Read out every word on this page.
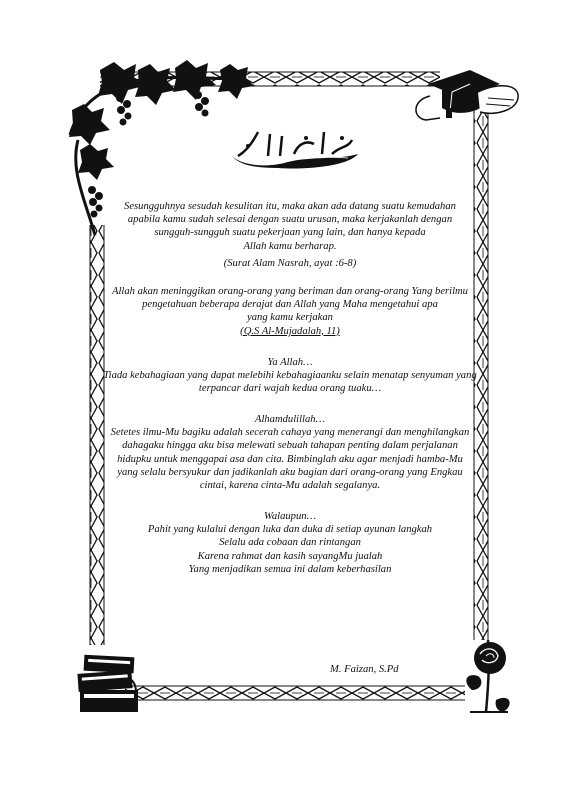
Sesungguhnya sesudah kesulitan itu, maka akan ada datang suatu kemudahan
apabila kamu sudah selesai dengan suatu urusan, maka kerjakanlah dengan
sungguh-sungguh suatu pekerjaan yang lain, dan hanya kepada
Allah kamu berharap.
(Surat Alam Nasrah, ayat :6-8)
Allah akan meninggikan orang-orang yang beriman dan orang-orang Yang berilmu
pengetahuan beberapa derajat dan Allah yang Maha mengetahui apa
yang kamu kerjakan
(Q.S Al-Mujadalah, 11)
Ya Allah…
Tiada kebahagiaan yang dapat melebihi kebahagiaanku selain menatap senyuman yang
terpancar dari wajah kedua orang tuaku…
Alhamdulillah…
Setetes ilmu-Mu bagiku adalah secerah cahaya yang menerangi dan menghilangkan
dahagaku hingga aku bisa melewati sebuah tahapan penting dalam perjalanan
hidupku untuk menggapai asa dan cita. Bimbinglah aku agar menjadi hamba-Mu
yang selalu bersyukur dan jadikanlah aku bagian dari orang-orang yang Engkau
cintai, karena cinta-Mu adalah segalanya.
Walaupun…
Pahit yang kulalui dengan luka dan duka di setiap ayunan langkah
Selalu ada cobaan dan rintangan
Karena rahmat dan kasih sayangMu jualah
Yang menjadikan semua ini dalam keberhasilan
M. Faizan, S.Pd
